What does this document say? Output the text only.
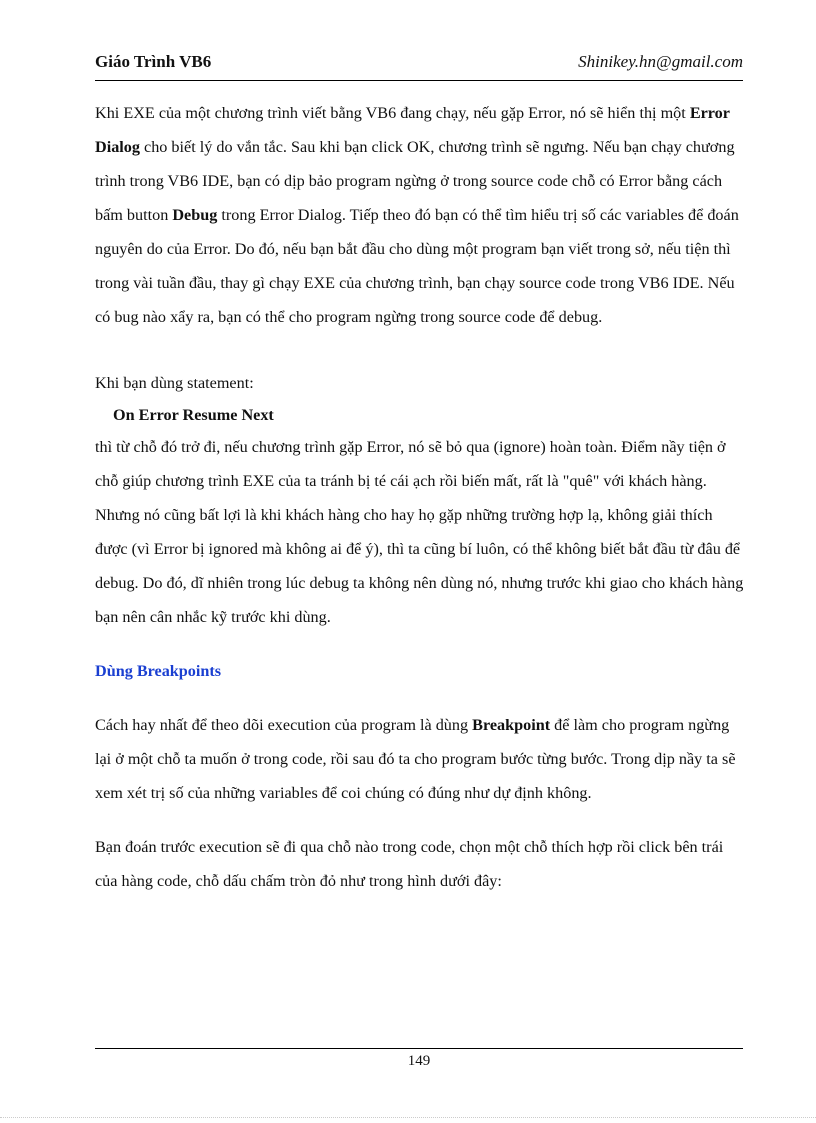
Giáo Trình VB6	Shinikey.hn@gmail.com

Khi EXE của một chương trình viết bằng VB6 đang chạy, nếu gặp Error, nó sẽ hiển thị một Error Dialog cho biết lý do vắn tắc. Sau khi bạn click OK, chương trình sẽ ngưng. Nếu bạn chạy chương trình trong VB6 IDE, bạn có dịp bảo program ngừng ở trong source code chỗ có Error bằng cách bấm button Debug trong Error Dialog. Tiếp theo đó bạn có thể tìm hiểu trị số các variables để đoán nguyên do của Error. Do đó, nếu bạn bắt đầu cho dùng một program bạn viết trong sở, nếu tiện thì trong vài tuần đầu, thay gì chạy EXE của chương trình, bạn chạy source code trong VB6 IDE. Nếu có bug nào xẩy ra, bạn có thể cho program ngừng trong source code để debug.

Khi bạn dùng statement:

On Error Resume Next

thì từ chỗ đó trở đi, nếu chương trình gặp Error, nó sẽ bỏ qua (ignore) hoàn toàn. Điểm nầy tiện ở chỗ giúp chương trình EXE của ta tránh bị té cái ạch rồi biến mất, rất là "quê" với khách hàng. Nhưng nó cũng bất lợi là khi khách hàng cho hay họ gặp những trường hợp lạ, không giải thích được (vì Error bị ignored mà không ai để ý), thì ta cũng bí luôn, có thể không biết bắt đầu từ đâu để debug. Do đó, dĩ nhiên trong lúc debug ta không nên dùng nó, nhưng trước khi giao cho khách hàng bạn nên cân nhắc kỹ trước khi dùng.

Dùng Breakpoints

Cách hay nhất để theo dõi execution của program là dùng Breakpoint để làm cho program ngừng lại ở một chỗ ta muốn ở trong code, rồi sau đó ta cho program bước từng bước. Trong dịp nầy ta sẽ xem xét trị số của những variables để coi chúng có đúng như dự định không.

Bạn đoán trước execution sẽ đi qua chỗ nào trong code, chọn một chỗ thích hợp rồi click bên trái của hàng code, chỗ dấu chấm tròn đỏ như trong hình dưới đây:

149
